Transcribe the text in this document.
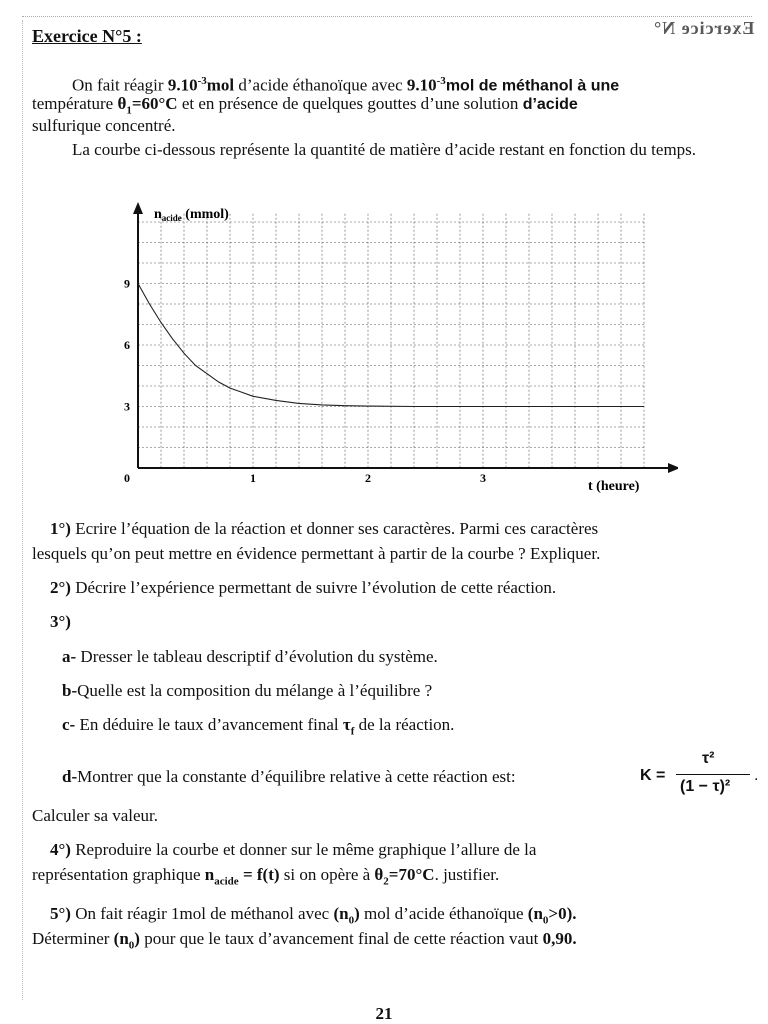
Exercice N°5 :	Exercice N°
On fait réagir $9.10^{-3}mol$ d’acide éthanoïque avec $9.10^{-3}mol$ de méthanol à une
température $\theta_1=60^\circ C$ et en présence de quelques gouttes d’une solution d’acide
sulfurique concentré.
La courbe ci-dessous représente la quantité de matière d’acide restant en fonction du temps.
0	1	2	3
3
6
9
$n_{acide}$ (mmol)
t (heure)
1°) Ecrire l’équation de la réaction et donner ses caractères. Parmi ces caractères
lesquels qu’on peut mettre en évidence permettant à partir de la courbe ? Expliquer.
2°) Décrire l’expérience permettant de suivre l’évolution de cette réaction.
3°)
a- Dresser le tableau descriptif d’évolution du système.
b-Quelle est la composition du mélange à l’équilibre ?
c- En déduire le taux d’avancement final $\tau_f$ de la réaction.
d-Montrer que la constante d’équilibre relative à cette réaction est:	K =
τ²
(1 − τ)²
.
Calculer sa valeur.
4°) Reproduire la courbe et donner sur le même graphique l’allure de la
représentation graphique $n_{acide} = f(t)$ si on opère à $\theta_2=70^\circ C$. justifier.
5°) On fait réagir 1mol de méthanol avec $(n_0)$ mol d’acide éthanoïque $(n_0>0)$.
Déterminer $(n_0)$ pour que le taux d’avancement final de cette réaction vaut 0,90.
21
